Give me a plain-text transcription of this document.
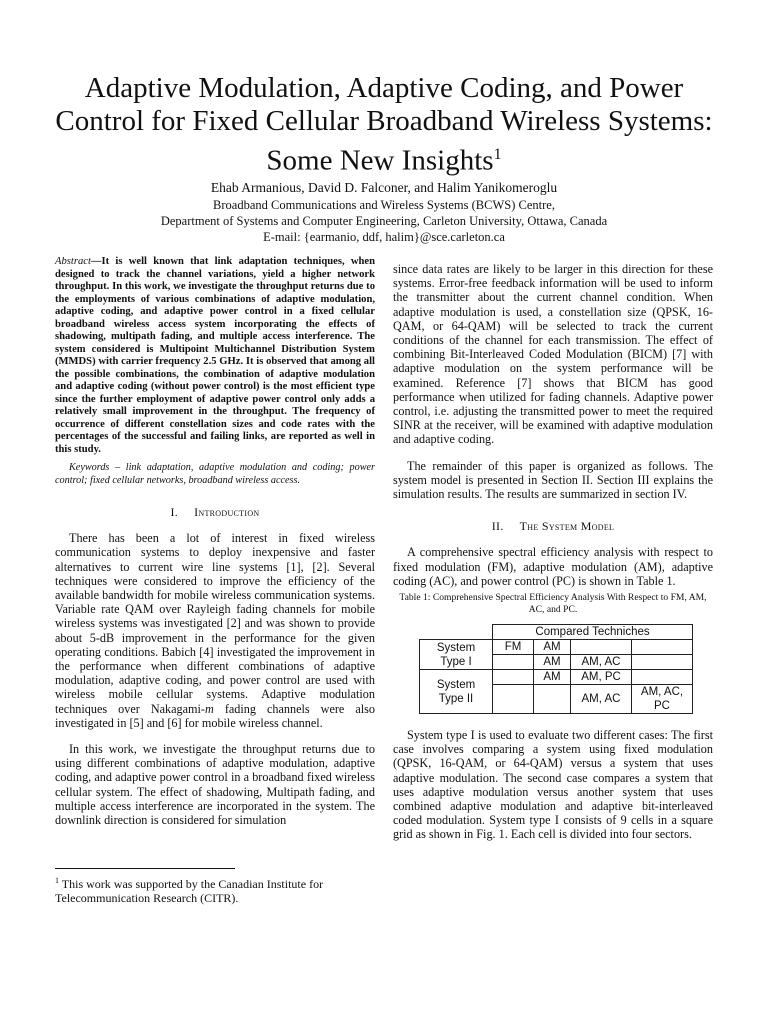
Adaptive Modulation, Adaptive Coding, and Power Control for Fixed Cellular Broadband Wireless Systems: Some New Insights$^1$
Ehab Armanious, David D. Falconer, and Halim Yanikomeroglu
Broadband Communications and Wireless Systems (BCWS) Centre,
Department of Systems and Computer Engineering, Carleton University, Ottawa, Canada
E-mail: {earmanio, ddf, halim}@sce.carleton.ca

Abstract—It is well known that link adaptation techniques, when designed to track the channel variations, yield a higher network throughput. In this work, we investigate the throughput returns due to the employments of various combinations of adaptive modulation, adaptive coding, and adaptive power control in a fixed cellular broadband wireless access system incorporating the effects of shadowing, multipath fading, and multiple access interference. The system considered is Multipoint Multichannel Distribution System (MMDS) with carrier frequency 2.5 GHz. It is observed that among all the possible combinations, the combination of adaptive modulation and adaptive coding (without power control) is the most efficient type since the further employment of adaptive power control only adds a relatively small improvement in the throughput. The frequency of occurrence of different constellation sizes and code rates with the percentages of the successful and failing links, are reported as well in this study.

Keywords – link adaptation, adaptive modulation and coding; power control; fixed cellular networks, broadband wireless access.

I. Introduction

There has been a lot of interest in fixed wireless communication systems to deploy inexpensive and faster alternatives to current wire line systems [1], [2]. Several techniques were considered to improve the efficiency of the available bandwidth for mobile wireless communication systems. Variable rate QAM over Rayleigh fading channels for mobile wireless systems was investigated [2] and was shown to provide about 5-dB improvement in the performance for the given operating conditions. Babich [4] investigated the improvement in the performance when different combinations of adaptive modulation, adaptive coding, and power control are used with wireless mobile cellular systems. Adaptive modulation techniques over Nakagami-m fading channels were also investigated in [5] and [6] for mobile wireless channel.

In this work, we investigate the throughput returns due to using different combinations of adaptive modulation, adaptive coding, and adaptive power control in a broadband fixed wireless cellular system. The effect of shadowing, Multipath fading, and multiple access interference are incorporated in the system. The downlink direction is considered for simulation

since data rates are likely to be larger in this direction for these systems. Error-free feedback information will be used to inform the transmitter about the current channel condition. When adaptive modulation is used, a constellation size (QPSK, 16-QAM, or 64-QAM) will be selected to track the current conditions of the channel for each transmission. The effect of combining Bit-Interleaved Coded Modulation (BICM) [7] with adaptive modulation on the system performance will be examined. Reference [7] shows that BICM has good performance when utilized for fading channels. Adaptive power control, i.e. adjusting the transmitted power to meet the required SINR at the receiver, will be examined with adaptive modulation and adaptive coding.

The remainder of this paper is organized as follows. The system model is presented in Section II. Section III explains the simulation results. The results are summarized in section IV.

II. The System Model

A comprehensive spectral efficiency analysis with respect to fixed modulation (FM), adaptive modulation (AM), adaptive coding (AC), and power control (PC) is shown in Table 1.

Table 1: Comprehensive Spectral Efficiency Analysis With Respect to FM, AM, AC, and PC.
	Compared Techniches			
System Type I	FM	AM		
		AM	AM, AC	
System Type II		AM	AM, PC	
			AM, AC	AM, AC, PC

System type I is used to evaluate two different cases: The first case involves comparing a system using fixed modulation (QPSK, 16-QAM, or 64-QAM) versus a system that uses adaptive modulation. The second case compares a system that uses adaptive modulation versus another system that uses combined adaptive modulation and adaptive bit-interleaved coded modulation. System type I consists of 9 cells in a square grid as shown in Fig. 1. Each cell is divided into four sectors.

$^1$ This work was supported by the Canadian Institute for Telecommunication Research (CITR).
